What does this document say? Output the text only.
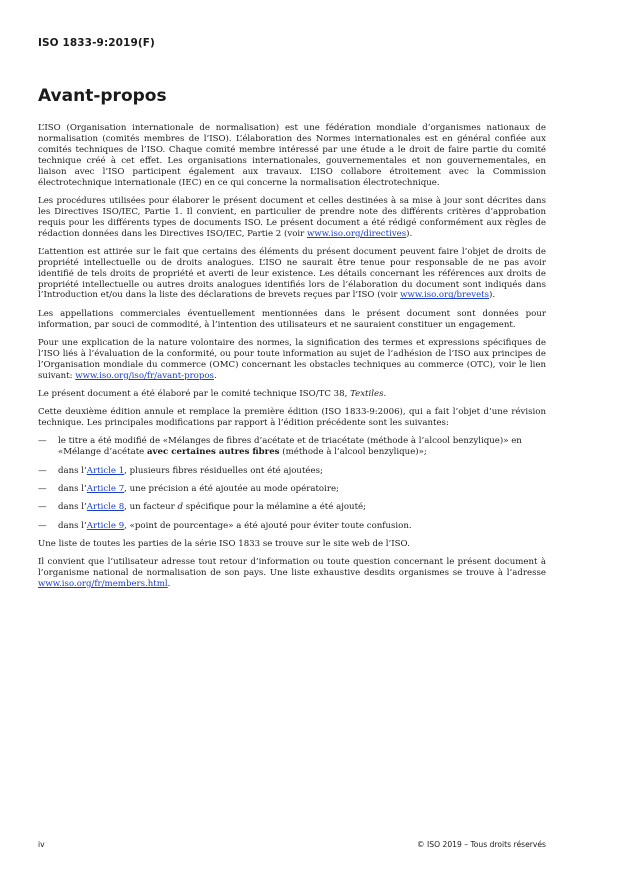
ISO 1833-9:2019(F)
Avant-propos

L’ISO (Organisation internationale de normalisation) est une fédération mondiale d’organismes nationaux de normalisation (comités membres de l’ISO). L’élaboration des Normes internationales est en général confiée aux comités techniques de l’ISO. Chaque comité membre intéressé par une étude a le droit de faire partie du comité technique créé à cet effet. Les organisations internationales, gouvernementales et non gouvernementales, en liaison avec l’ISO participent également aux travaux. L’ISO collabore étroitement avec la Commission électrotechnique internationale (IEC) en ce qui concerne la normalisation électrotechnique.

Les procédures utilisées pour élaborer le présent document et celles destinées à sa mise à jour sont décrites dans les Directives ISO/IEC, Partie 1. Il convient, en particulier de prendre note des différents critères d’approbation requis pour les différents types de documents ISO. Le présent document a été rédigé conformément aux règles de rédaction données dans les Directives ISO/IEC, Partie 2 (voir www.iso.org/directives).

L’attention est attirée sur le fait que certains des éléments du présent document peuvent faire l’objet de droits de propriété intellectuelle ou de droits analogues. L’ISO ne saurait être tenue pour responsable de ne pas avoir identifié de tels droits de propriété et averti de leur existence. Les détails concernant les références aux droits de propriété intellectuelle ou autres droits analogues identifiés lors de l’élaboration du document sont indiqués dans l’Introduction et/ou dans la liste des déclarations de brevets reçues par l’ISO (voir www.iso.org/brevets).

Les appellations commerciales éventuellement mentionnées dans le présent document sont données pour information, par souci de commodité, à l’intention des utilisateurs et ne sauraient constituer un engagement.

Pour une explication de la nature volontaire des normes, la signification des termes et expressions spécifiques de l’ISO liés à l’évaluation de la conformité, ou pour toute information au sujet de l’adhésion de l’ISO aux principes de l’Organisation mondiale du commerce (OMC) concernant les obstacles techniques au commerce (OTC), voir le lien suivant: www.iso.org/iso/fr/avant-propos.

Le présent document a été élaboré par le comité technique ISO/TC 38, Textiles.

Cette deuxième édition annule et remplace la première édition (ISO 1833-9:2006), qui a fait l’objet d’une révision technique. Les principales modifications par rapport à l’édition précédente sont les suivantes:

—	le titre a été modifié de «Mélanges de fibres d’acétate et de triacétate (méthode à l’alcool benzylique)» en «Mélange d’acétate avec certaines autres fibres (méthode à l’alcool benzylique)»;
—	dans l’Article 1, plusieurs fibres résiduelles ont été ajoutées;
—	dans l’Article 7, une précision a été ajoutée au mode opératoire;
—	dans l’Article 8, un facteur d spécifique pour la mélamine a été ajouté;
—	dans l’Article 9, «point de pourcentage» a été ajouté pour éviter toute confusion.

Une liste de toutes les parties de la série ISO 1833 se trouve sur le site web de l’ISO.

Il convient que l’utilisateur adresse tout retour d’information ou toute question concernant le présent document à l’organisme national de normalisation de son pays. Une liste exhaustive desdits organismes se trouve à l’adresse www.iso.org/fr/members.html.

iv	© ISO 2019 – Tous droits réservés
